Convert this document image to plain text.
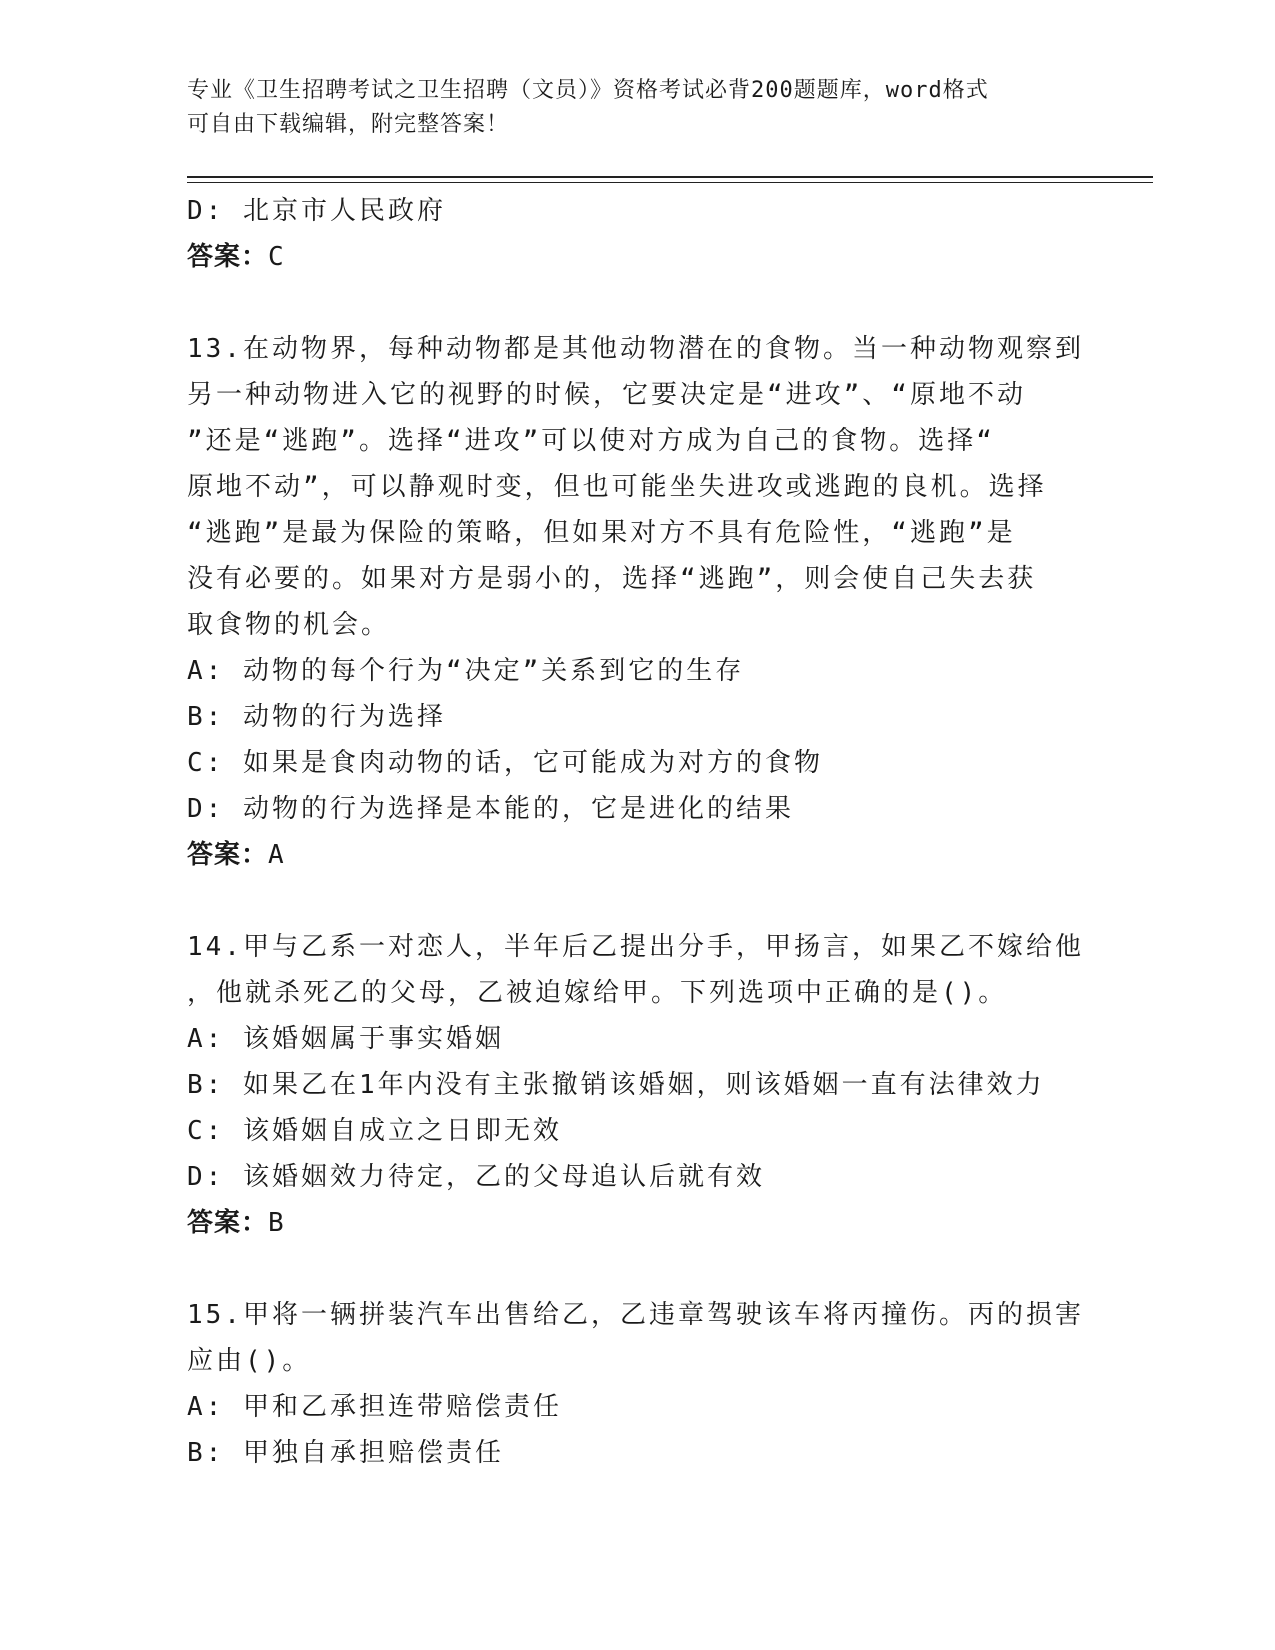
专业《卫生招聘考试之卫生招聘（文员）》资格考试必背200题题库，word格式
可自由下载编辑，附完整答案！
D: 北京市人民政府
答案：C
13.在动物界，每种动物都是其他动物潜在的食物。当一种动物观察到
另一种动物进入它的视野的时候，它要决定是“进攻”、“原地不动
”还是“逃跑”。选择“进攻”可以使对方成为自己的食物。选择“
原地不动”，可以静观时变，但也可能坐失进攻或逃跑的良机。选择
“逃跑”是最为保险的策略，但如果对方不具有危险性，“逃跑”是
没有必要的。如果对方是弱小的，选择“逃跑”，则会使自己失去获
取食物的机会。
A: 动物的每个行为“决定”关系到它的生存
B: 动物的行为选择
C: 如果是食肉动物的话，它可能成为对方的食物
D: 动物的行为选择是本能的，它是进化的结果
答案：A
14.甲与乙系一对恋人，半年后乙提出分手，甲扬言，如果乙不嫁给他
，他就杀死乙的父母，乙被迫嫁给甲。下列选项中正确的是()。
A: 该婚姻属于事实婚姻
B: 如果乙在1年内没有主张撤销该婚姻，则该婚姻一直有法律效力
C: 该婚姻自成立之日即无效
D: 该婚姻效力待定，乙的父母追认后就有效
答案：B
15.甲将一辆拼装汽车出售给乙，乙违章驾驶该车将丙撞伤。丙的损害
应由()。
A: 甲和乙承担连带赔偿责任
B: 甲独自承担赔偿责任
